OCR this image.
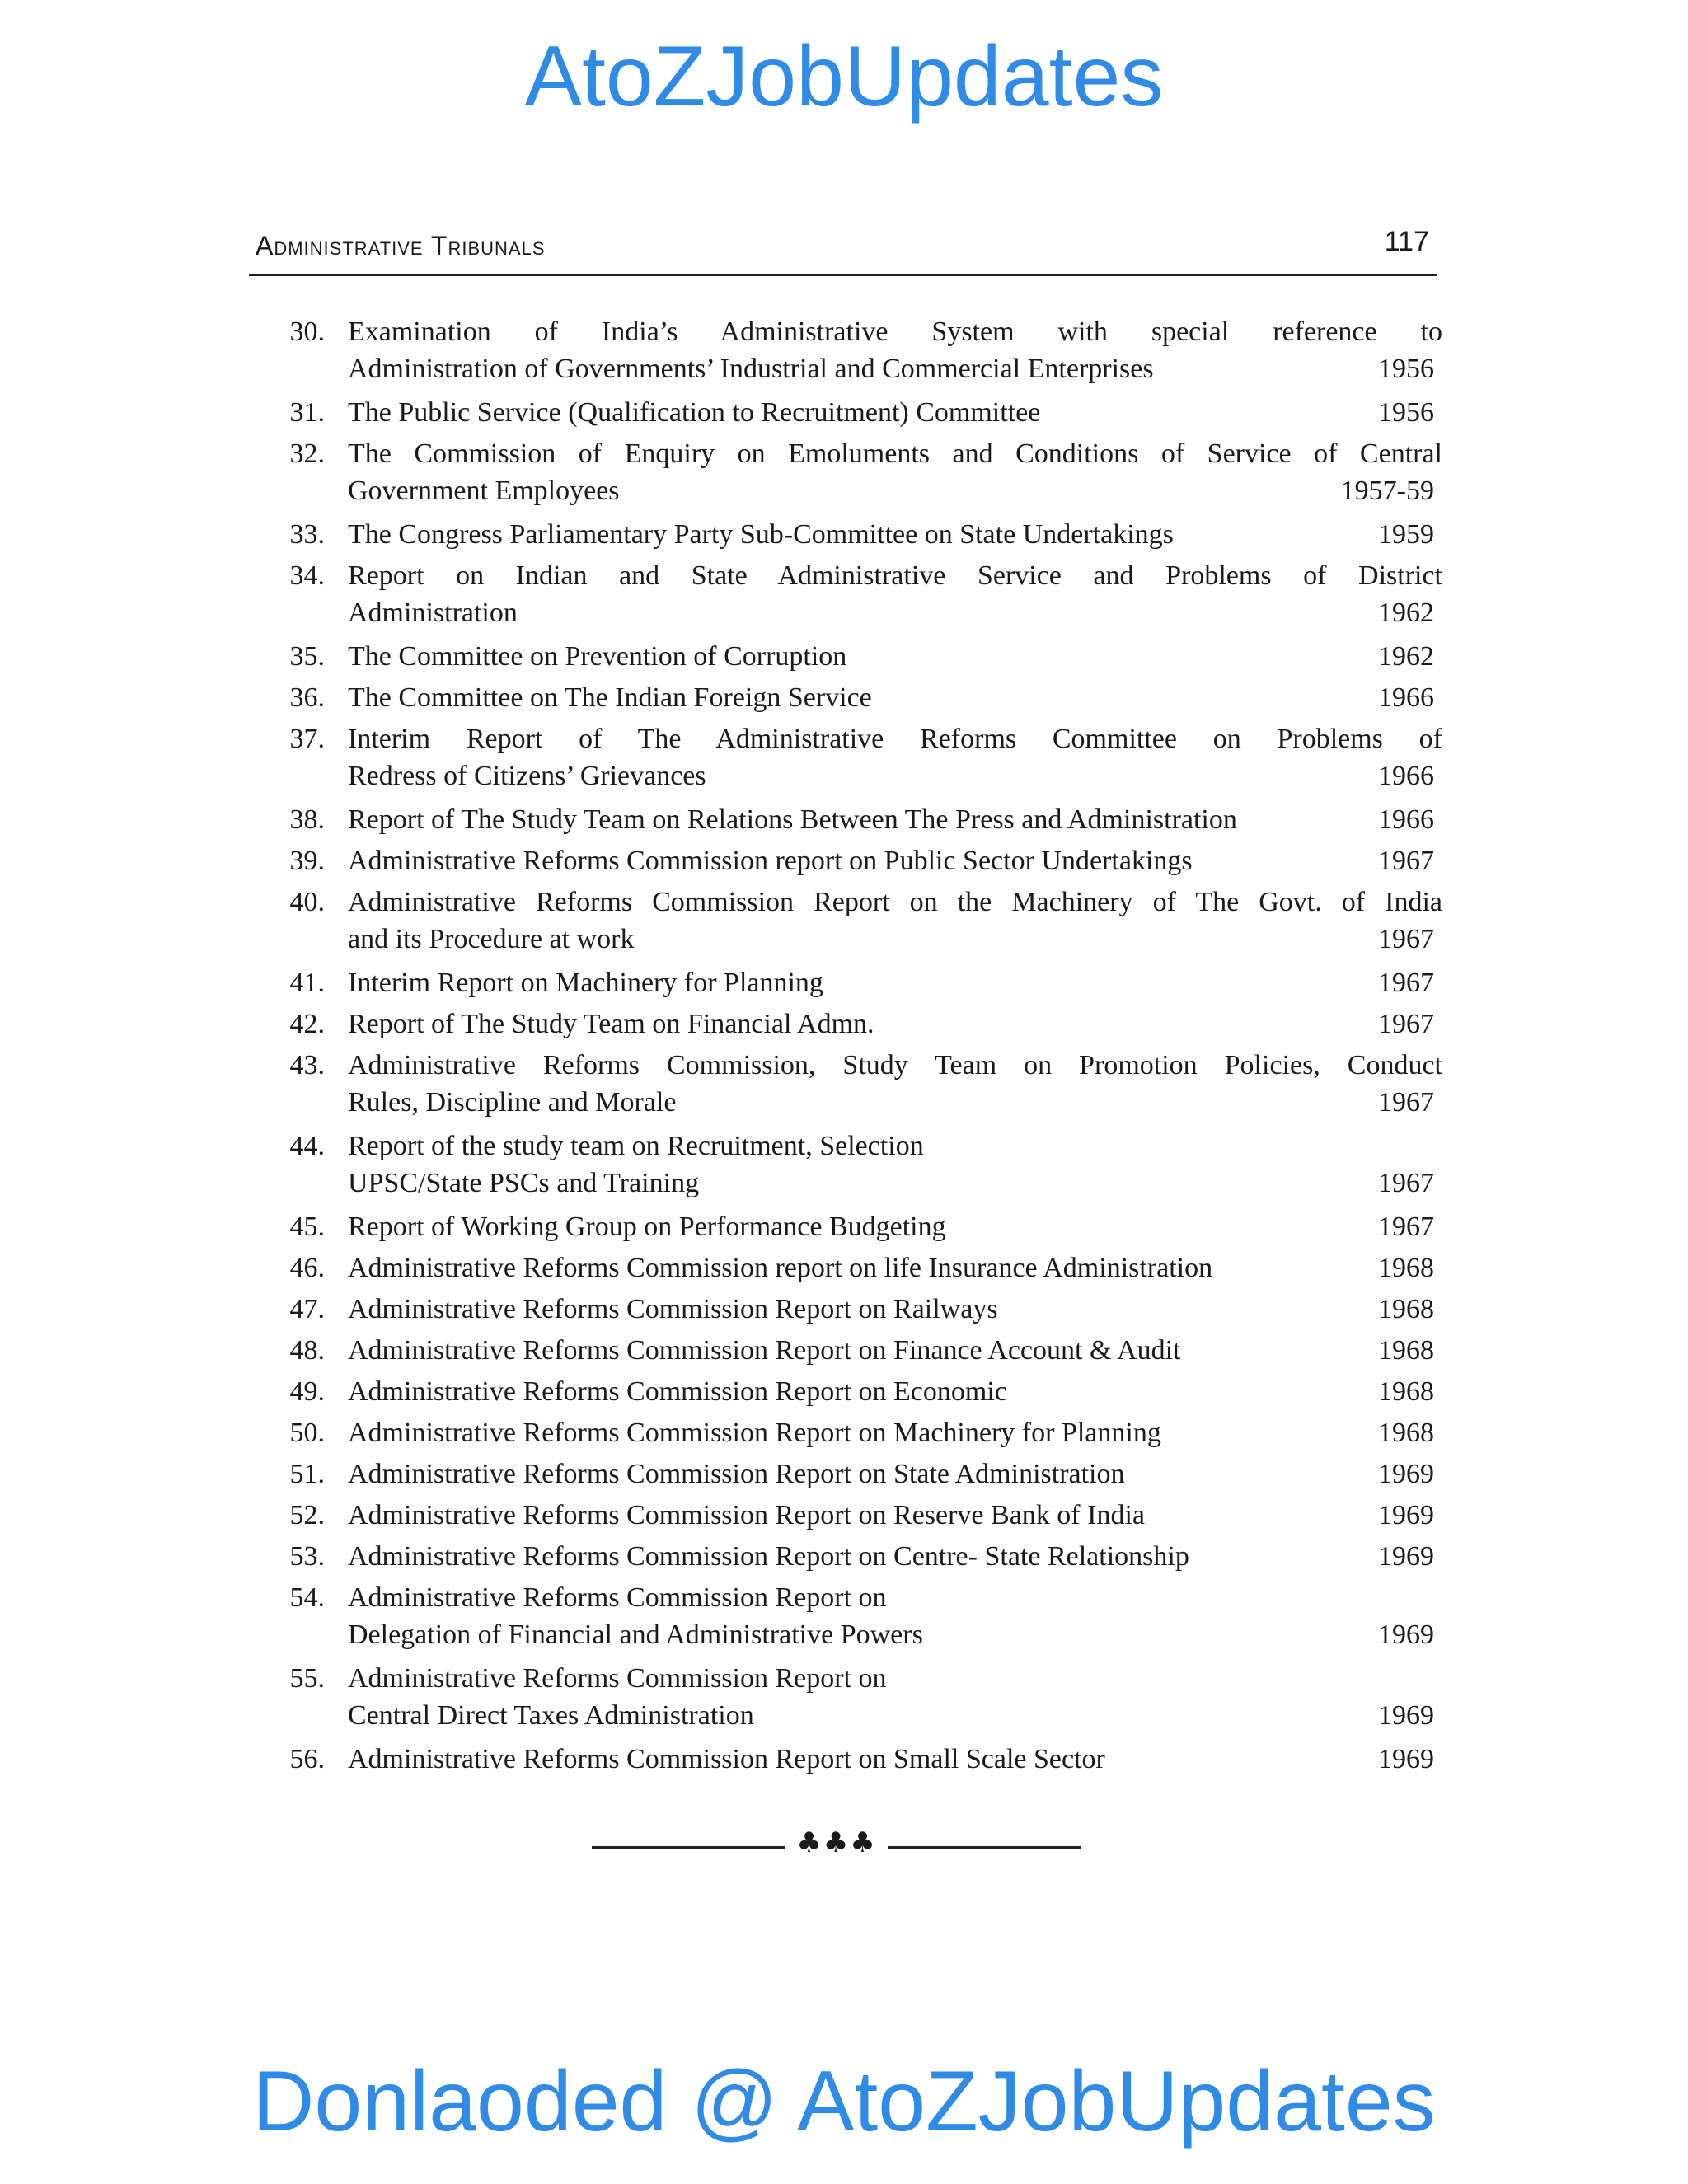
AtoZJobUpdates
Administrative Tribunals	117
30. Examination of India’s Administrative System with special reference to
Administration of Governments’ Industrial and Commercial Enterprises	1956
31. The Public Service (Qualification to Recruitment) Committee	1956
32. The Commission of Enquiry on Emoluments and Conditions of Service of Central
Government Employees	1957-59
33. The Congress Parliamentary Party Sub-Committee on State Undertakings	1959
34. Report on Indian and State Administrative Service and Problems of District
Administration	1962
35. The Committee on Prevention of Corruption	1962
36. The Committee on The Indian Foreign Service	1966
37. Interim Report of The Administrative Reforms Committee on Problems of
Redress of Citizens’ Grievances	1966
38. Report of The Study Team on Relations Between The Press and Administration	1966
39. Administrative Reforms Commission report on Public Sector Undertakings	1967
40. Administrative Reforms Commission Report on the Machinery of The Govt. of India
and its Procedure at work	1967
41. Interim Report on Machinery for Planning	1967
42. Report of The Study Team on Financial Admn.	1967
43. Administrative Reforms Commission, Study Team on Promotion Policies, Conduct
Rules, Discipline and Morale	1967
44. Report of the study team on Recruitment, Selection
UPSC/State PSCs and Training	1967
45. Report of Working Group on Performance Budgeting	1967
46. Administrative Reforms Commission report on life Insurance Administration	1968
47. Administrative Reforms Commission Report on Railways	1968
48. Administrative Reforms Commission Report on Finance Account & Audit	1968
49. Administrative Reforms Commission Report on Economic	1968
50. Administrative Reforms Commission Report on Machinery for Planning	1968
51. Administrative Reforms Commission Report on State Administration	1969
52. Administrative Reforms Commission Report on Reserve Bank of India	1969
53. Administrative Reforms Commission Report on Centre- State Relationship	1969
54. Administrative Reforms Commission Report on
Delegation of Financial and Administrative Powers	1969
55. Administrative Reforms Commission Report on
Central Direct Taxes Administration	1969
56. Administrative Reforms Commission Report on Small Scale Sector	1969
♣♣♣
Donlaoded @ AtoZJobUpdates
